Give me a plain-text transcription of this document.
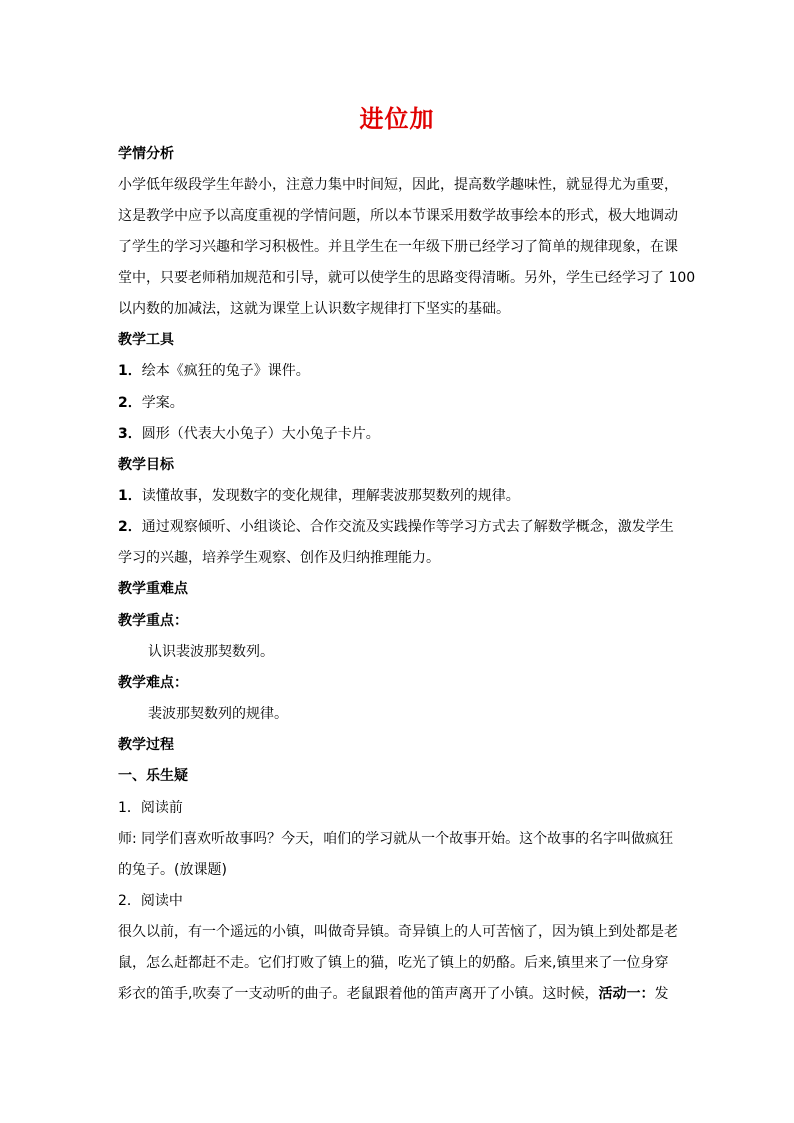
进位加
学情分析
小学低年级段学生年龄小，注意力集中时间短，因此，提高数学趣味性，就显得尤为重要，
这是教学中应予以高度重视的学情问题，所以本节课采用数学故事绘本的形式，极大地调动
了学生的学习兴趣和学习积极性。并且学生在一年级下册已经学习了简单的规律现象，在课
堂中，只要老师稍加规范和引导，就可以使学生的思路变得清晰。另外，学生已经学习了 100
以内数的加减法，这就为课堂上认识数字规律打下坚实的基础。
教学工具
1．绘本《疯狂的兔子》课件。
2．学案。
3．圆形（代表大小兔子）大小兔子卡片。
教学目标
1．读懂故事，发现数字的变化规律，理解裴波那契数列的规律。
2．通过观察倾听、小组谈论、合作交流及实践操作等学习方式去了解数学概念，激发学生
学习的兴趣，培养学生观察、创作及归纳推理能力。
教学重难点
教学重点：
认识裴波那契数列。
教学难点：
裴波那契数列的规律。
教学过程
一、乐生疑
1．阅读前
师: 同学们喜欢听故事吗？今天，咱们的学习就从一个故事开始。这个故事的名字叫做疯狂
的兔子。(放课题)
2．阅读中
很久以前，有一个遥远的小镇，叫做奇异镇。奇异镇上的人可苦恼了，因为镇上到处都是老
鼠，怎么赶都赶不走。它们打败了镇上的猫，吃光了镇上的奶酪。后来,镇里来了一位身穿
彩衣的笛手,吹奏了一支动听的曲子。老鼠跟着他的笛声离开了小镇。这时候，活动一：发
